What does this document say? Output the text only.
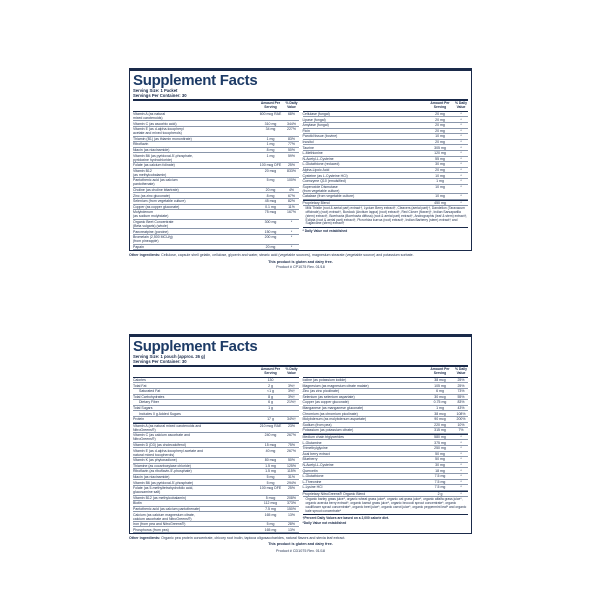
Supplement Facts
Serving Size: 1 Packet
Servings Per Container: 30
Amount Per Serving
% Daily Value
Vitamin A (as natural
mixed carotenoids)
600 mcg RAE	68%
Vitamin C (as ascorbic acid)	310 mg	344%
Vitamin E (as d-alpha-tocopheryl
acetate and mixed tocopherols)
34 mg	227%
Thiamin (B1) (as thiamin mononitrate)	1 mg	83%
Riboflavin	1 mg	77%
Niacin (as niacinamide)	8 mg	50%
Vitamin B6 (as pyridoxal-5'-phosphate,
pyridoxine hydrochloride)
1 mg	59%
Folate (as calcium folinate)	100 mcg DFE	25%
Vitamin B12
(as methylcobalamin)
20 mcg	833%
Pantothenic acid (as calcium
pantothenate)
5 mg	100%
Choline (as choline bitartrate)	20 mg	4%
Zinc (as zinc gluconate)	8 mg	67%
Selenium (from vegetable culture)	45 mcg	82%
Copper (as copper gluconate)	0.1 mg	11%
Molybdenum
(as sodium molybdate)
75 mcg	167%
Organic Beet Concentrate
(Beta vulgaris) (whole)
300 mg	*
Pancreatpine (porcine)	150 mg	*
Bromelain (2,500 MCU/g)
(from pineapple)
200 mg	*
Papain	20 mg	*
Amount Per Serving
% Daily Value
Cellulase (fungal)	20 mg	*
Lipase (fungal)	20 mg	*
Amylase (fungal)	20 mg	*
Ficin	20 mg	*
Parotid tissue (bovine)	10 mg	*
Inositol	20 mg	*
Taurine	305 mg	*
L-Methionine	120 mg	*
N-Acetyl-L-Cysteine	55 mg	*
L-Glutathione (reduced)	30 mg	*
Alpha-Lipoic Acid	20 mg	*
Cysteine (as L-Cysteine HCl)	10 mg	*
Coenzyme Q10 (emulsified)	1 mg	*
Superoxide Dismutase
(from vegetable culture)
10 mg	*
Catalase (from vegetable culture)	10 mg	*
Proprietary Blend	450 mg	*
Milk Thistle (root & aerial part) extract†, Lycium Berry extract†, Cleavers (aerial part)†, Dandelion (Taraxacum officinale) (root) extract†, Burdock (Arctium lappa) (root) extract†, Red Clover (flower)†, Indian Sarsaparilla (stem) extract†, Boerhavia (Boerhavia diffusa) (root & aerial part) extract†, Andrographis (leaf & stem) extract†, Eclipta (root & aerial part) extract†, Picrorhiza kurroa (root) extract†, Indian Barberry (stem) extract† and Sugarcane (stem) extract†
* Daily Value not established

Other ingredients: Cellulose, capsule shell gelatin, cellulose, glycerin and water, stearic acid (vegetable sources), magnesium stearate (vegetable source) and potassium sorbate.

This product is gluten and dairy free.

Product # CP1075 Rev. 01/18

Supplement Facts
Serving Size: 1 pouch (approx. 26 g)
Servings Per Container: 30
Amount Per Serving
% Daily Value
Calories	130
Total Fat	2 g	3%†
Saturated Fat	<1 g	3%†
Total Carbohydrates	8 g	3%†
Dietary Fiber	6 g	21%†
Total Sugars	1 g
Includes 0 g Added Sugars
Protein	17 g	34%†
Vitamin A (as natural mixed carotenoids and
NitroGreens®)
210 mcg RAE	23%
Vitamin C (as calcium ascorbate and
NitroGreens®)
240 mg	267%
Vitamin D (D3) (as cholecalciferol)	15 mcg	75%
Vitamin E (as d-alpha-tocopheryl acetate and
natural mixed tocopherols)
40 mg	267%
Vitamin K (as phytonadione)	80 mcg	50%
Thiamine (as cocarboxylase chloride)	1.5 mg	125%
Riboflavin (as riboflavin-5'-phosphate)	1.5 mg	115%
Niacin (as niacinamide)	5 mg	31%
Vitamin B6 (as pyridoxal-5'-phosphate)	5 mg	294%
Folate (as 5-methyltetrahydrofolic acid,
glucosamine salt)
100 mcg DFE	25%
Vitamin B12 (as methylcobalamin)	5 mcg	208%
Biotin	112 mcg	373%
Pantothenic acid (as calcium pantothenate)	7.5 mg	150%
Calcium (as calcium magnesium citrate,
calcium ascorbate and NitroGreens®)
165 mg	13%
Iron (from pea and NitroGreens®)	5 mg	28%
Phosphorus (from pea)	165 mg	13%
Amount Per Serving
% Daily Value
Iodine (as potassium iodide)	38 mcg	25%
Magnesium (as magnesium citrate malate)	105 mg	25%
Zinc (as zinc picolinate)	6 mg	73%
Selenium (as selenium aspartate)	30 mcg	55%
Copper (as copper gluconate)	0.75 mg	83%
Manganese (as manganese gluconate)	1 mg	43%
Chromium (as chromium picolinate)	38 mcg	108%
Molybdenum (as molybdenum aspartate)	90 mcg	200%
Sodium (from pea)	220 mg	10%
Potassium (as potassium citrate)	315 mg	7%
Medium chain triglycerides	580 mg	*
L-Glutamine	375 mg	*
Trimethylglycine	250 mg	*
Acai berry extract	50 mg	*
Blueberry	50 mg	*
N-Acetyl-L-Cysteine	30 mg	*
Quercetin	18 mg	*
L-Glutathione	7.5 mg	*
L-Threonine	7.5 mg	*
L-Lysine HCl	7.5 mg	*
Proprietary NitroGreens® Organic Blend	2 g	*
Organic barley grass juice*, organic wheat grass juice*, organic oat grass juice*, organic alfalfa grass juice*, organic acerola berry extract*, organic kamut grass juice*, organic broccoli sprout concentrate*, organic cauliflower sprout concentrate*, organic beet juice*, organic carrot juice*, organic peppermint leaf* and organic kale sprout concentrate*
†Percent Daily Values are based on a 2,000 calorie diet.
*Daily Value not established

Other ingredients: Organic pea protein concentrate, chicory root inulin, tapioca oligosaccharides, natural flavors and stevia leaf extract.

This product is gluten and dairy free.

Product # CD1075 Rev. 01/18
